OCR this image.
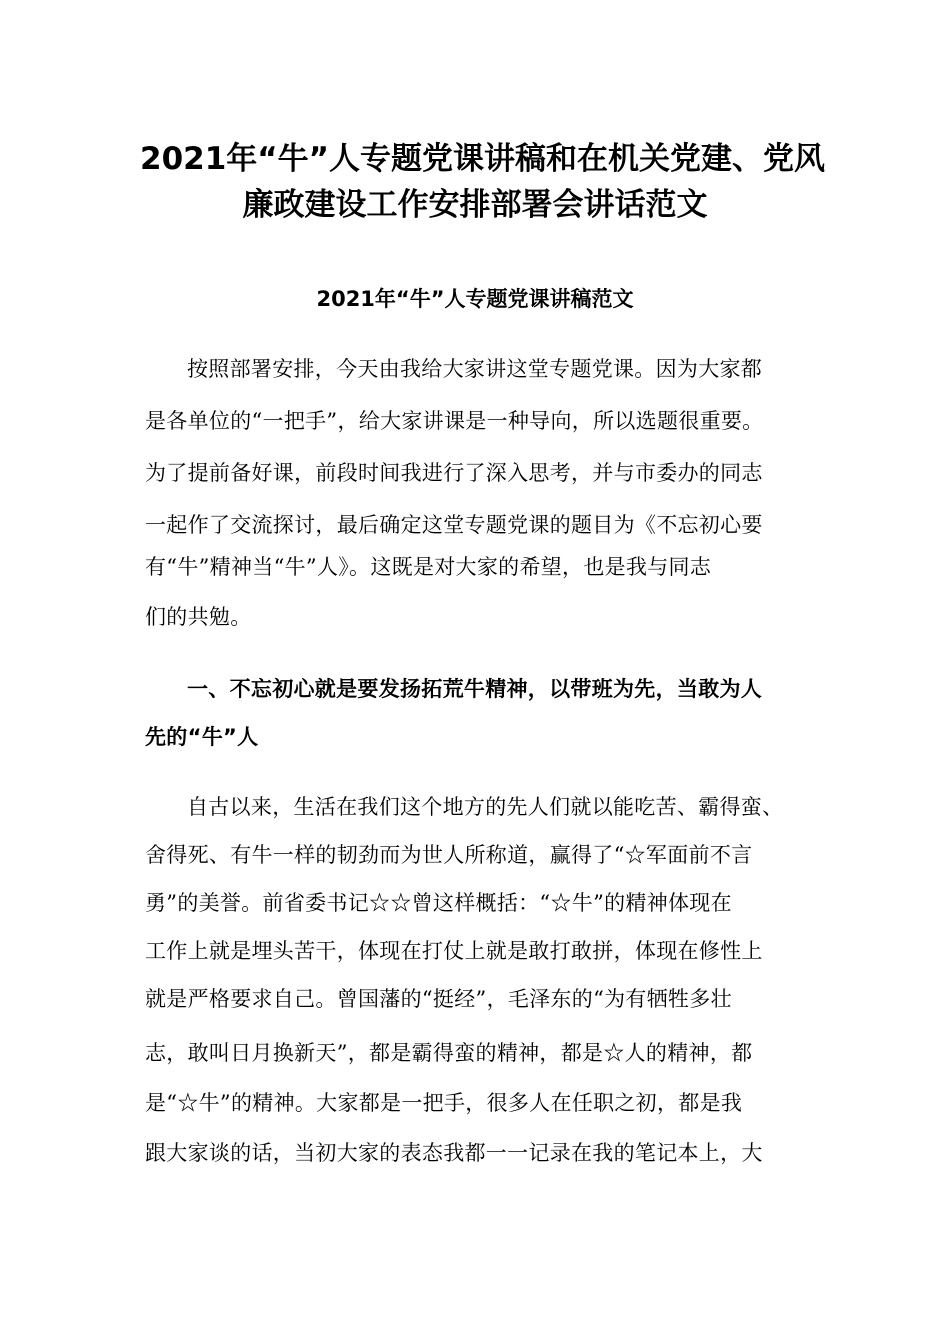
2021年“牛”人专题党课讲稿和在机关党建、党风
廉政建设工作安排部署会讲话范文
2021年“牛”人专题党课讲稿范文
按照部署安排，今天由我给大家讲这堂专题党课。因为大家都
是各单位的“一把手”，给大家讲课是一种导向，所以选题很重要。
为了提前备好课，前段时间我进行了深入思考，并与市委办的同志
一起作了交流探讨，最后确定这堂专题党课的题目为《不忘初心要
有“牛”精神当“牛”人》。这既是对大家的希望，也是我与同志
们的共勉。
一、不忘初心就是要发扬拓荒牛精神，以带班为先，当敢为人
先的“牛”人
自古以来，生活在我们这个地方的先人们就以能吃苦、霸得蛮、
舍得死、有牛一样的韧劲而为世人所称道，赢得了“☆军面前不言
勇”的美誉。前省委书记☆☆曾这样概括：“☆牛”的精神体现在
工作上就是埋头苦干，体现在打仗上就是敢打敢拼，体现在修性上
就是严格要求自己。曾国藩的“挺经”，毛泽东的“为有牺牲多壮
志，敢叫日月换新天”，都是霸得蛮的精神，都是☆人的精神，都
是“☆牛”的精神。大家都是一把手，很多人在任职之初，都是我
跟大家谈的话，当初大家的表态我都一一记录在我的笔记本上，大
